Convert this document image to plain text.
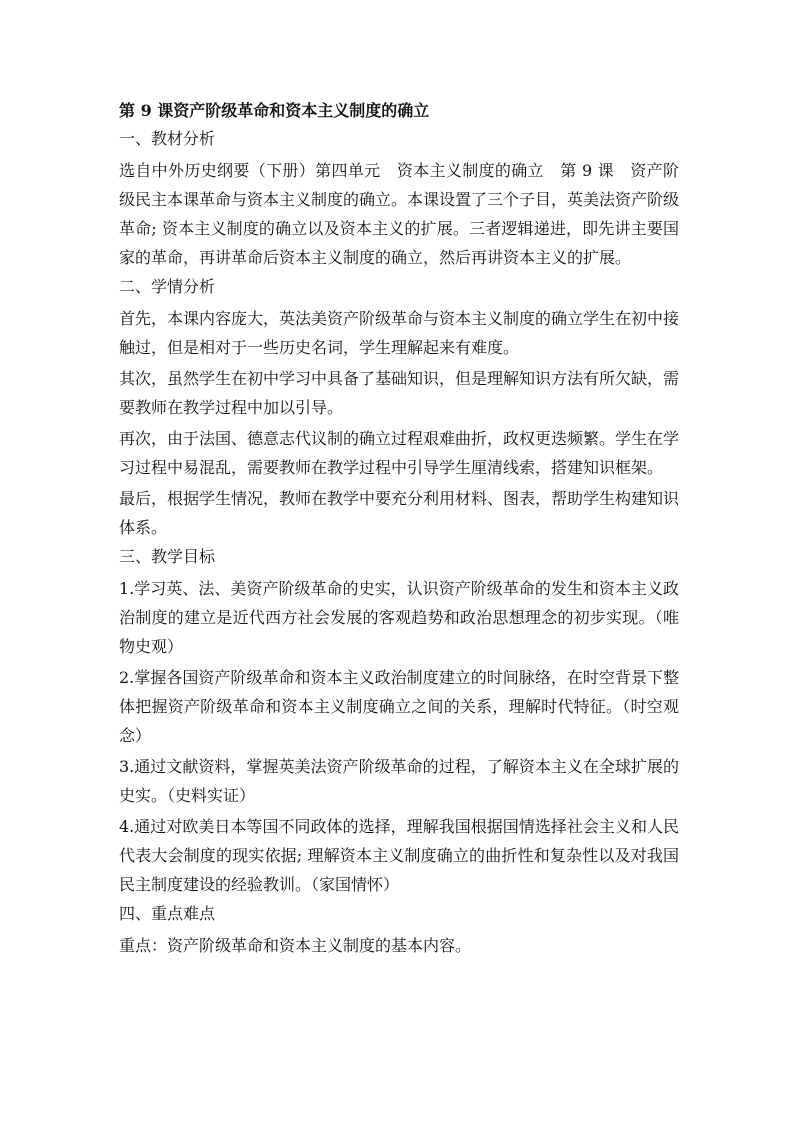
第 9 课资产阶级革命和资本主义制度的确立
一、教材分析
选自中外历史纲要（下册）第四单元　资本主义制度的确立　第 9 课　资产阶级民主本课革命与资本主义制度的确立。本课设置了三个子目，英美法资产阶级革命; 资本主义制度的确立以及资本主义的扩展。三者逻辑递进，即先讲主要国家的革命，再讲革命后资本主义制度的确立，然后再讲资本主义的扩展。
二、学情分析
首先，本课内容庞大，英法美资产阶级革命与资本主义制度的确立学生在初中接触过，但是相对于一些历史名词，学生理解起来有难度。
其次，虽然学生在初中学习中具备了基础知识，但是理解知识方法有所欠缺，需要教师在教学过程中加以引导。
再次，由于法国、德意志代议制的确立过程艰难曲折，政权更迭频繁。学生在学习过程中易混乱，需要教师在教学过程中引导学生厘清线索，搭建知识框架。
最后，根据学生情况，教师在教学中要充分利用材料、图表，帮助学生构建知识体系。
三、教学目标
1.学习英、法、美资产阶级革命的史实，认识资产阶级革命的发生和资本主义政治制度的建立是近代西方社会发展的客观趋势和政治思想理念的初步实现。（唯物史观）
2.掌握各国资产阶级革命和资本主义政治制度建立的时间脉络，在时空背景下整体把握资产阶级革命和资本主义制度确立之间的关系，理解时代特征。（时空观念）
3.通过文献资料，掌握英美法资产阶级革命的过程，了解资本主义在全球扩展的史实。（史料实证）
4.通过对欧美日本等国不同政体的选择，理解我国根据国情选择社会主义和人民代表大会制度的现实依据; 理解资本主义制度确立的曲折性和复杂性以及对我国民主制度建设的经验教训。（家国情怀）
四、重点难点
重点：资产阶级革命和资本主义制度的基本内容。
